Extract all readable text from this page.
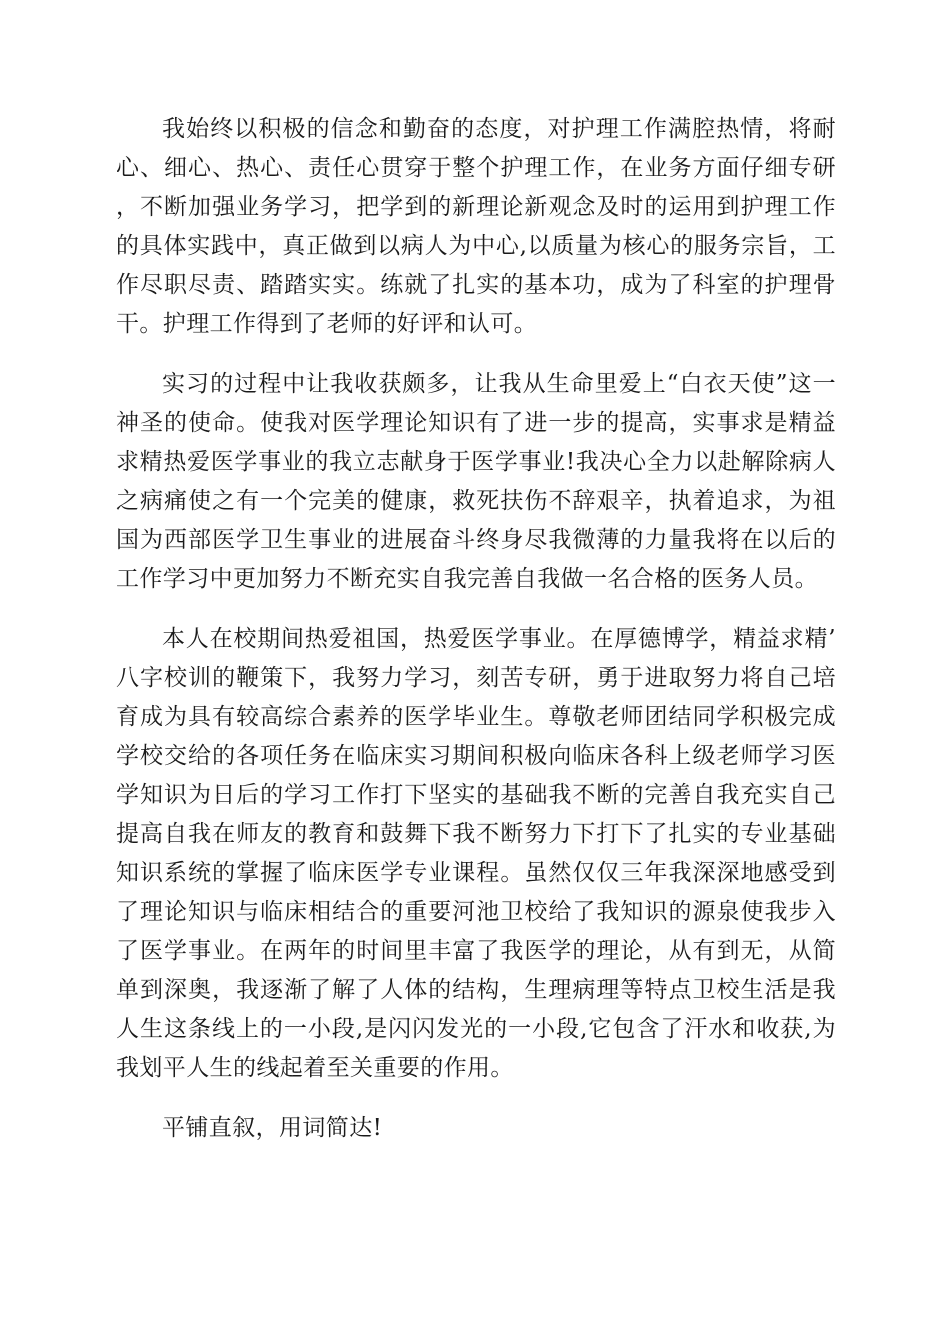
我始终以积极的信念和勤奋的态度，对护理工作满腔热情，将耐心、细心、热心、责任心贯穿于整个护理工作，在业务方面仔细专研，不断加强业务学习，把学到的新理论新观念及时的运用到护理工作的具体实践中，真正做到以病人为中心,以质量为核心的服务宗旨，工作尽职尽责、踏踏实实。练就了扎实的基本功，成为了科室的护理骨干。护理工作得到了老师的好评和认可。

实习的过程中让我收获颇多，让我从生命里爱上“白衣天使”这一神圣的使命。使我对医学理论知识有了进一步的提高，实事求是精益求精热爱医学事业的我立志献身于医学事业!我决心全力以赴解除病人之病痛使之有一个完美的健康，救死扶伤不辞艰辛，执着追求，为祖国为西部医学卫生事业的进展奋斗终身尽我微薄的力量我将在以后的工作学习中更加努力不断充实自我完善自我做一名合格的医务人员。

本人在校期间热爱祖国，热爱医学事业。在厚德博学，精益求精’八字校训的鞭策下，我努力学习，刻苦专研，勇于进取努力将自己培育成为具有较高综合素养的医学毕业生。尊敬老师团结同学积极完成学校交给的各项任务在临床实习期间积极向临床各科上级老师学习医学知识为日后的学习工作打下坚实的基础我不断的完善自我充实自己提高自我在师友的教育和鼓舞下我不断努力下打下了扎实的专业基础知识系统的掌握了临床医学专业课程。虽然仅仅三年我深深地感受到了理论知识与临床相结合的重要河池卫校给了我知识的源泉使我步入了医学事业。在两年的时间里丰富了我医学的理论，从有到无，从简单到深奥，我逐渐了解了人体的结构，生理病理等特点卫校生活是我人生这条线上的一小段,是闪闪发光的一小段,它包含了汗水和收获,为我划平人生的线起着至关重要的作用。

平铺直叙，用词简达!
